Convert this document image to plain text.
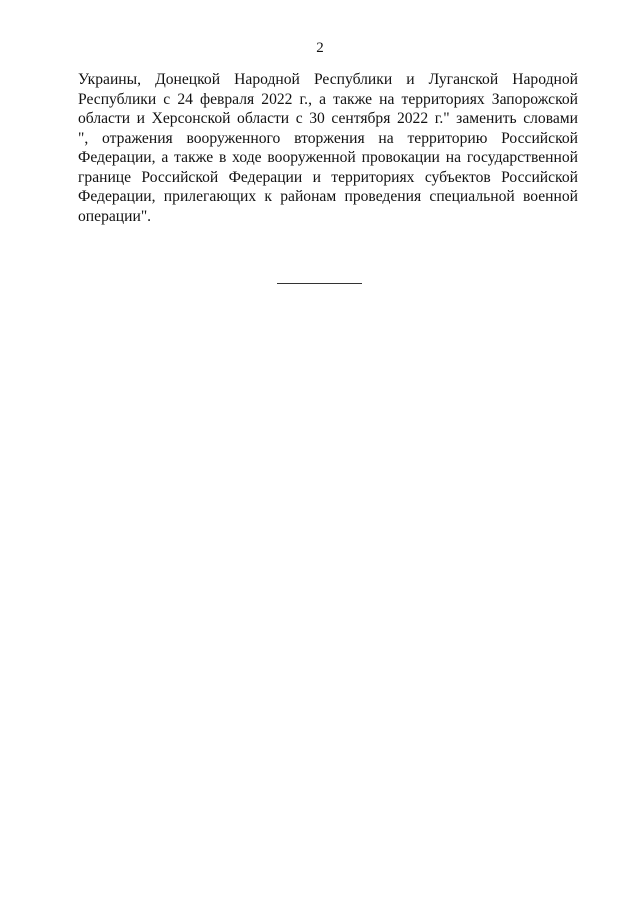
2
Украины, Донецкой Народной Республики и Луганской Народной
Республики с 24 февраля 2022 г., а также на территориях Запорожской
области и Херсонской области с 30 сентября 2022 г." заменить словами
", отражения вооруженного вторжения на территорию Российской
Федерации, а также в ходе вооруженной провокации на государственной
границе Российской Федерации и территориях субъектов Российской
Федерации, прилегающих к районам проведения специальной военной
операции".
